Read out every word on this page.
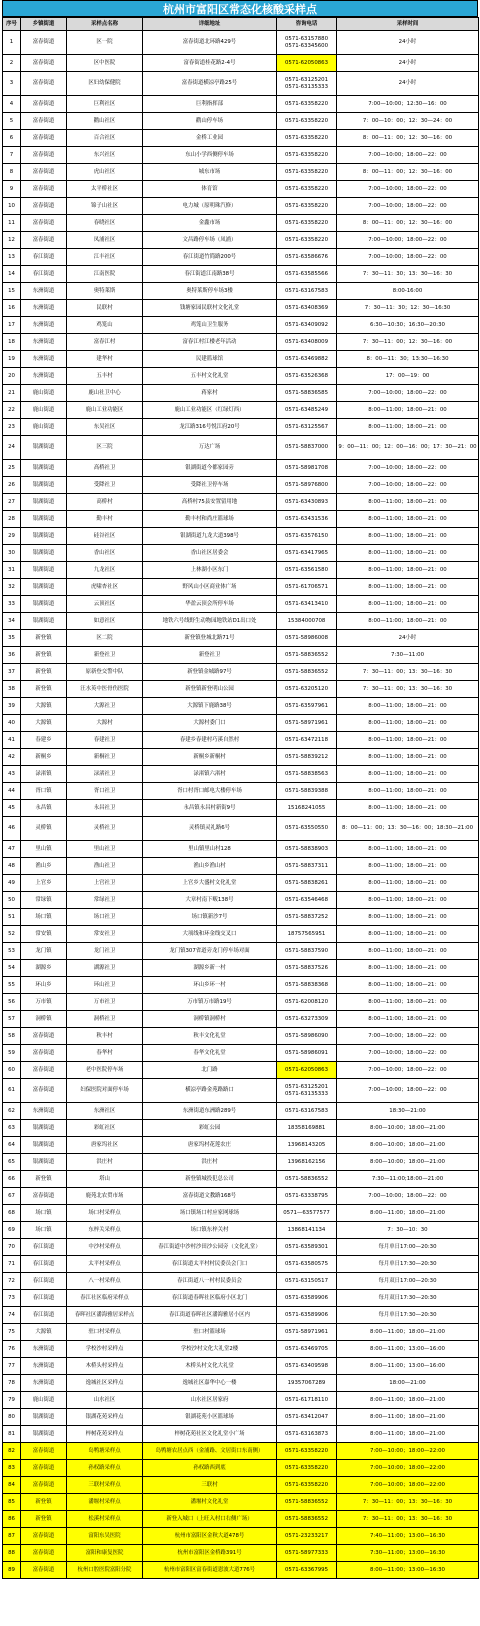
杭州市富阳区常态化核酸采样点
序号	乡镇街道	采样点名称	详细地址	咨询电话	采样时间
1	富春街道	区一院	富春街道北环路429号	0571-63157880
0571-63345600	24小时
2	富春街道	区中医院	富春街道桂花路2-4号	0571-62050863	24小时
3	富春街道	区妇幼保健院	富春街道横凉亭路25号	0571-63125201
0571-63135333	24小时
4	富春街道	巨利社区	巨利指挥部	0571-63358220	7:00—10:00；12:30—16：00
5	富春街道	鹳山社区	鹳山停车场	0571-63358220	7：00—10：00；12：30—24：00
6	富春街道	百合社区	金桥工业园	0571-63358220	8：00—11：00；12：30—16：00
7	富春街道	东兴社区	东山小学西侧停车场	0571-63358220	7:00—10:00；18:00—22：00
8	富春街道	虎山社区	城东市场	0571-63358220	8：00—11：00；12：30—16：00
9	富春街道	太平桥社区	体育馆	0571-63358220	7:00—10:00；18:00—22：00
10	富春街道	锦子山社区	电力城（原明珠汽修）	0571-63358220	7:00—10:00；18:00—22：00
11	富春街道	春晓社区	金鑫市场	0571-63358220	8：00—11：00；12：30—16：00
12	富春街道	凤浦社区	文昌路停车场（凤浦）	0571-63358220	7:00—10:00；18:00—22：00
13	春江街道	江丰社区	春江街道竹简路200号	0571-63586676	7:00—10:00；18:00—22：00
14	春江街道	江南医院	春江街道江南路38号	0571-63585566	7：30—11：30；13：30—16：30
15	东洲街道	奥特莱斯	奥特莱斯停车场3楼	0571-63167583	8:00-16:00
16	东洲街道	民联村	钱塘家园民联村文化礼堂	0571-63408369	7：30—11：30；12：30—16:30
17	东洲街道	鸡笼山	鸡笼山卫生服务	0571-63409092	6:30—10:30；16:30—20:30
18	东洲街道	富春江村	富春江村江楼老年活动	0571-63408009	7：30—11：00；12：30—16：00
19	东洲街道	建华村	民建篮球馆	0571-63469882	8：00—11：30；13:30—16:30
20	东洲街道	五丰村	五丰村文化礼堂	0571-63526368	17：00—19：00
21	鹿山街道	鹿山社卫中心	蒋家村	0571-58836585	7:00—10:00；18:00—22：00
22	鹿山街道	鹿山工业功能区	鹿山工业功能区（红绿灯西）	0571-63485249	8:00—11:00；18:00—21：00
23	鹿山街道	东吴社区	龙江路316号悦江府20号	0571-63125567	8:00—11:00；18:00—21：00
24	银湖街道	区三院	万达广场	0571-58837000	9：00—11：00；12：00—16：00；17：30—21：00
25	银湖街道	高桥社卫	银湖街道今都家园旁	0571-58981708	7:00—10:00；18:00—22：00
26	银湖街道	受降社卫	受降社卫停车场	0571-58976800	7:00—10:00；18:00—22：00
27	银湖街道	高桥村	高桥村75县安置留用地	0571-63430893	8:00—11:00；18:00—21：00
28	银湖街道	勤丰村	勤丰村和尚庄篮球场	0571-63431536	8:00—11:00；18:00—21：00
29	银湖街道	硅谷社区	银湖街道九龙大道398号	0571-63576150	8:00—11:00；18:00—21：00
30	银湖街道	香山社区	香山社区居委会	0571-63417965	8:00—11:00；18:00—21：00
31	银湖街道	九龙社区	上林湖小区东门	0571-63561580	8:00—11:00；18:00—21：00
32	银湖街道	虎啸杏社区	野风山小区商业体广场	0571-61706571	8:00—11:00；18:00—21：00
33	银湖街道	云顶社区	华盈云顶会所停车场	0571-63413410	8:00—11:00；18:00—21：00
34	银湖街道	如意社区	地铁六号线野生动物园地铁站D1出口处	15384000708	8:00—11:00；18:00—21：00
35	新登镇	区二院	新登镇登城北路71号	0571-58986008	24小时
36	新登镇	新登社卫	新登社卫	0571-58836552	7:30—11:00
37	新登镇	原新登交警中队	新登镇金城路97号	0571-58836552	7：30—11：00；13：30—16：30
38	新登镇	汪水英中医骨伤医院	新登镇新登明山公园	0571-63205120	7：30—11：00；13：30—16：30
39	大源镇	大源社卫	大源镇下鹿路38号	0571-63597961	8:00—11:00；18:00—21：00
40	大源镇	大源村	大源村委门口	0571-58971961	8:00—11:00；18:00—21：00
41	春建乡	春建社卫	春建乡春建村巧溪自然村	0571-63472118	8:00—11:00；18:00—21：00
42	新桐乡	新桐社卫	新桐乡新桐村	0571-58839212	8:00—11:00；18:00—21：00
43	渌渚镇	渌渚社卫	渌渚镇六渚村	0571-58838563	8:00—11:00；18:00—21：00
44	胥口镇	胥口社卫	胥口村胥口邮电大楼停车场	0571-58839388	8:00—11:00；18:00—21：00
45	永昌镇	永昌社卫	永昌镇永昌村新街9号	15168241055	8:00—11:00；18:00—21：00
46	灵桥镇	灵桥社卫	灵桥镇灵礼路6号	0571-63550550	8：00—11：00；13：30—16：00；18:30—21:00
47	里山镇	里山社卫	里山镇里山村128	0571-58838903	8:00—11:00；18:00—21：00
48	渔山乡	渔山社卫	渔山乡渔山村	0571-58837311	8:00—11:00；18:00—21：00
49	上官乡	上官社卫	上官乡大盛村文化礼堂	0571-58838261	8:00—11:00；18:00—21：00
50	常绿镇	常绿社卫	大章村南下畈138号	0571-63546468	8:00—11:00；18:00—21：00
51	场口镇	场口社卫	场口镇新沙7号	0571-58837252	8:00—11:00；18:00—21：00
52	常安镇	常安社卫	大项线和环金线交叉口	18757565951	8:00—11:00；18:00—21：00
53	龙门镇	龙门社卫	龙门镇307省道旁龙门停车场对面	0571-58837590	8:00—11:00；18:00—21：00
54	湖源乡	湖源社卫	湖源乡新一村	0571-58837526	8:00—11:00；18:00—21：00
55	环山乡	环山社卫	环山乡环一村	0571-58838368	8:00—11:00；18:00—21：00
56	万市镇	万市社卫	万市镇万市路19号	0571-62008120	8:00—11:00；18:00—21：00
57	洞桥镇	洞桥社卫	洞桥镇洞桥村	0571-63273309	8:00—11:00；18:00—21：00
58	富春街道	秋丰村	秋丰文化礼堂	0571-58986090	7:00—10:00；18:00—22：00
59	富春街道	春华村	春华文化礼堂	0571-58986091	7:00—10:00；18:00—22：00
60	富春街道	老中医院停车场	北门路	0571-62050863	7:00—10:00；18:00—22：00
61	富春街道	妇保医院对面停车场	横凉亭路金苑路路口	0571-63125201
0571-63135333	7:00—10:00；18:00—22：00
62	东洲街道	东洲社区	东洲街道东洲路289号	0571-63167583	18:30—21:00
63	银湖街道	彩虹社区	彩虹公园	18358169881	8:00—10:00；18:00—21:00
64	银湖街道	唐家坞社区	唐家坞村花莲农庄	13968143205	8:00—10:00；18:00—21:00
65	银湖街道	洪庄村	洪庄村	13968162156	8:00—10:00；18:00—21:00
66	新登镇	塔山	新登镇城投犯总公司	0571-58836552	7:30—11:00;18:00—21:00
67	富春街道	鹿苑北农贸市场	富春街道文教路168号	0571-63338795	7:00—10:00；18:00—22：00
68	场口镇	场口村采样点	场口镇场口村应家网球场	0571—63577577	8:00—11:00；18:00—21:00
69	场口镇	东梓关采样点	场口镇东梓关村	13868141134	7：30—10：30
70	春江街道	中沙村采样点	春江街道中沙村沙田沙公园旁（文化礼堂）	0571-63589301	每月单日17:00—20:30
71	春江街道	太平村采样点	春江街道太平村村民委员会门口	0571-63580575	每月单日17:30—20:30
72	春江街道	八一村采样点	春江街道八一村村民委员会	0571-63150517	每月双日17:00—20:30
73	春江街道	春江社区临府采样点	春江街道春晖社区临府小区北门	0571-63589906	每月双日17:30—20:30
74	春江街道	春晖社区潘海雅居采样点	春江街道春晖社区潘海雅居小区内	0571-63589906	每月单日17:30—20:30
75	大源镇	驻口村采样点	驻口村篮球场	0571-58971961	8:00—11:00；18:00—21:00
76	东洲街道	学校沙村采样点	学校沙村文化大礼堂2楼	0571-63469705	8:00—11:00；13:00—16:00
77	东洲街道	木桥头村采样点	木桥头村文化大礼堂	0571-63409598	8:00—11:00；13:00—16:00
78	东洲街道	逸城社区采样点	逸城社区嘉华中心一楼	19357067289	18:00—21:00
79	鹿山街道	山水社区	山水社区居家府	0571-61718110	8:00—11:00；18:00—21:00
80	银湖街道	银湖花苑采样点	银湖花苑小区篮球场	0571-63412047	8:00—11:00；18:00—21:00
81	银湖街道	梓树花苑采样点	梓树花苑社区文化礼堂小广场	0571-63163873	8:00—11:00；18:00—21:00
82	富春街道	岛鸭塘采样点	岛鸭塘农居点西（金浦路、文居街口东南侧）	0571-63358220	7:00—10:00；18:00—22:00
83	富春街道	孙权路采样点	孙权路西到底	0571-63358220	7:00—10:00；18:00—22:00
84	富春街道	三联村采样点	三联村	0571-63358220	7:00—10:00；18:00—22:00
85	新登镇	潘堰村采样点	潘堰村文化礼堂	0571-58836552	7：30—11：00；13：30—16：30
86	新登镇	松溪村采样点	新登入城口（上旺入村口右侧广场）	0571-58836552	7：30—11：00；13：30—16：30
87	富春街道	富阳东吴医院	杭州市富阳区金秋大道478号	0571-23233217	7:40—11:00；13:00—16:30
88	富春街道	富阳和康复医院	杭州市富阳区金桥路391号	0571-58977333	7:30—11:00；13:00—16:30
89	富春街道	杭州口腔医院富阳分院	杭州市富阳区富春街道恩波大道776号	0571-63367995	8:00—11:00；13:00—16:30
